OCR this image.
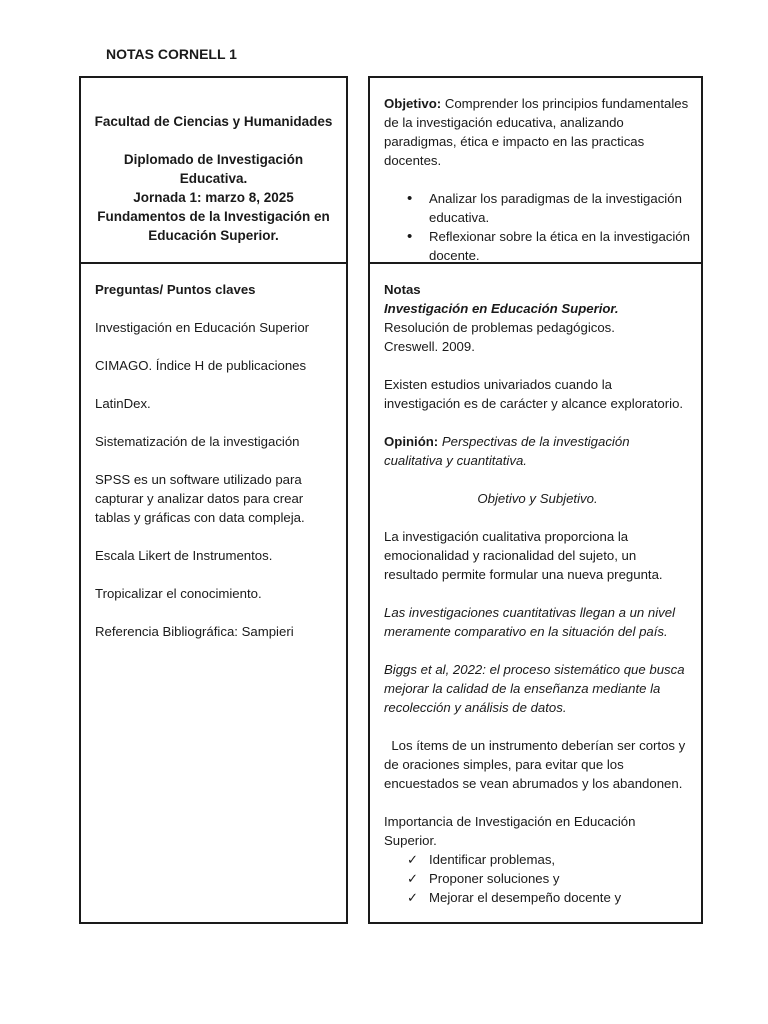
NOTAS CORNELL 1

Facultad de Ciencias y Humanidades

Diplomado de Investigación Educativa.

Jornada 1: marzo 8, 2025

Fundamentos de la Investigación en

Educación Superior.

Objetivo: Comprender los principios fundamentales de la investigación educativa, analizando paradigmas, ética e impacto en las practicas docentes.

• Analizar los paradigmas de la investigación educativa.
• Reflexionar sobre la ética en la investigación docente.

Preguntas/ Puntos claves

Investigación en Educación Superior

CIMAGO. Índice H de publicaciones

LatinDex.

Sistematización de la investigación

SPSS es un software utilizado para capturar y analizar datos para crear tablas y gráficas con data compleja.

Escala Likert de Instrumentos.

Tropicalizar el conocimiento.

Referencia Bibliográfica: Sampieri

Notas

Investigación en Educación Superior.

Resolución de problemas pedagógicos.

Creswell. 2009.

Existen estudios univariados cuando la investigación es de carácter y alcance exploratorio.

Opinión: Perspectivas de la investigación cualitativa y cuantitativa.

Objetivo y Subjetivo.

La investigación cualitativa proporciona la emocionalidad y racionalidad del sujeto, un resultado permite formular una nueva pregunta.

Las investigaciones cuantitativas llegan a un nivel meramente comparativo en la situación del país.

Biggs et al, 2022: el proceso sistemático que busca mejorar la calidad de la enseñanza mediante la recolección y análisis de datos.

Los ítems de un instrumento deberían ser cortos y de oraciones simples, para evitar que los encuestados se vean abrumados y los abandonen.

Importancia de Investigación en Educación Superior.

✓ Identificar problemas,
✓ Proponer soluciones y
✓ Mejorar el desempeño docente y
